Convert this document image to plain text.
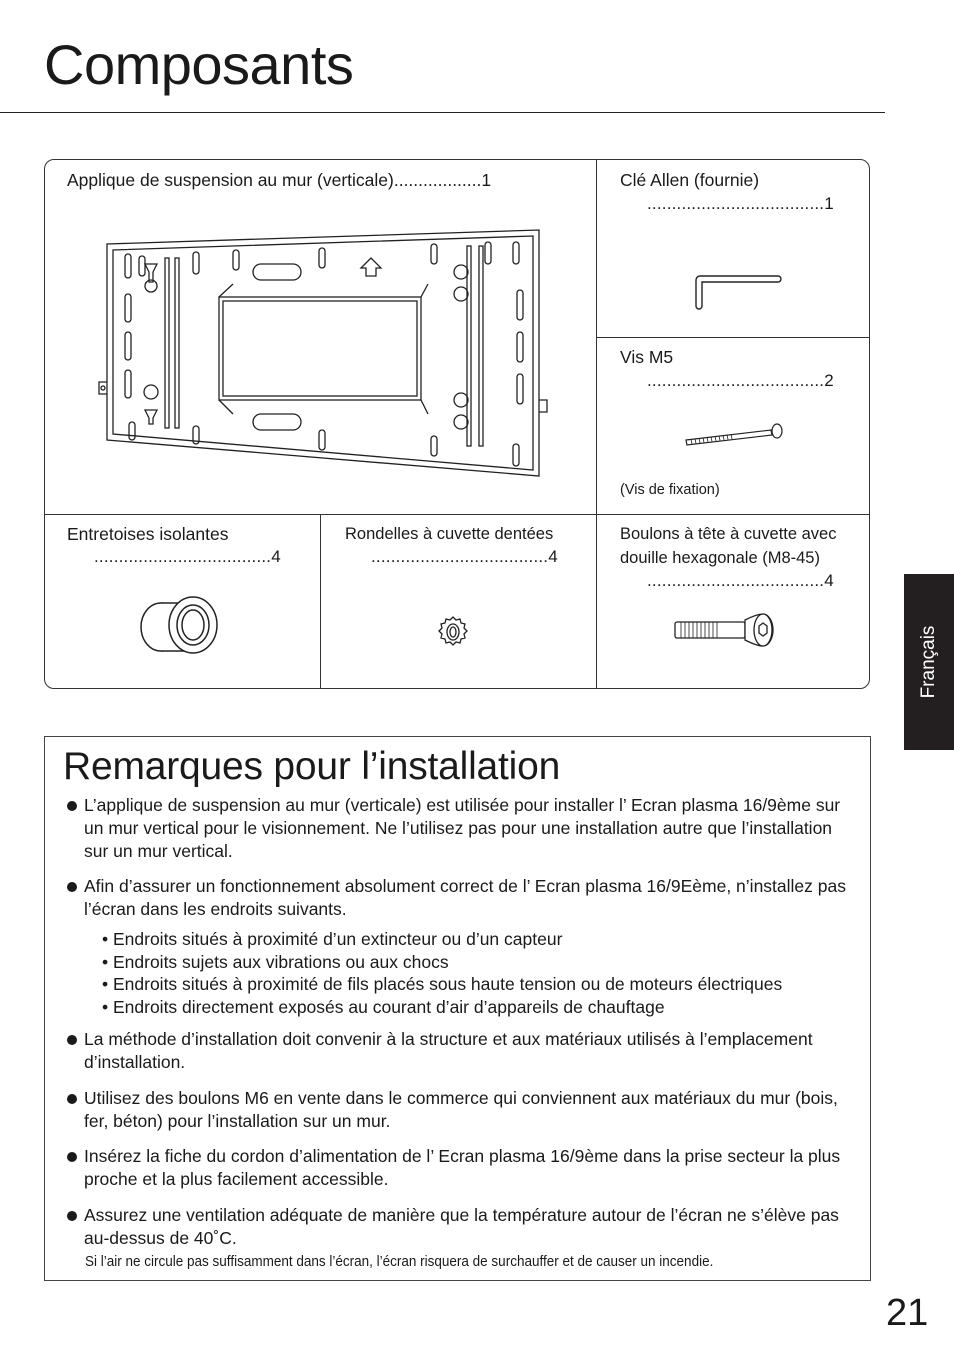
Composants
Applique de suspension au mur (verticale)..................1	Clé Allen (fournie)
....................................1
Vis M5
....................................2
(Vis de fixation)
Entretoises isolantes
....................................4
Rondelles à cuvette dentées
....................................4
Boulons à tête à cuvette avec
douille hexagonale (M8-45)
....................................4
Remarques pour l’installation
L’applique de suspension au mur (verticale) est utilisée pour installer l’ Ecran plasma 16/9ème sur un mur vertical pour le visionnement. Ne l’utilisez pas pour une installation autre que l’installation sur un mur vertical.
Afin d’assurer un fonctionnement absolument correct de l’ Ecran plasma 16/9Eème, n’installez pas l’écran dans les endroits suivants.
• Endroits situés à proximité d’un extincteur ou d’un capteur
• Endroits sujets aux vibrations ou aux chocs
• Endroits situés à proximité de fils placés sous haute tension ou de moteurs électriques
• Endroits directement exposés au courant d’air d’appareils de chauftage
La méthode d’installation doit convenir à la structure et aux matériaux utilisés à l’emplacement d’installation.
Utilisez des boulons M6 en vente dans le commerce qui conviennent aux matériaux du mur (bois, fer, béton) pour l’installation sur un mur.
Insérez la fiche du cordon d’alimentation de l’ Ecran plasma 16/9ème dans la prise secteur la plus proche et la plus facilement accessible.
Assurez une ventilation adéquate de manière que la température autour de l’écran ne s’élève pas au-dessus de 40˚C.
Si l’air ne circule pas suffisamment dans l’écran, l’écran risquera de surchauffer et de causer un incendie.
Français
21
